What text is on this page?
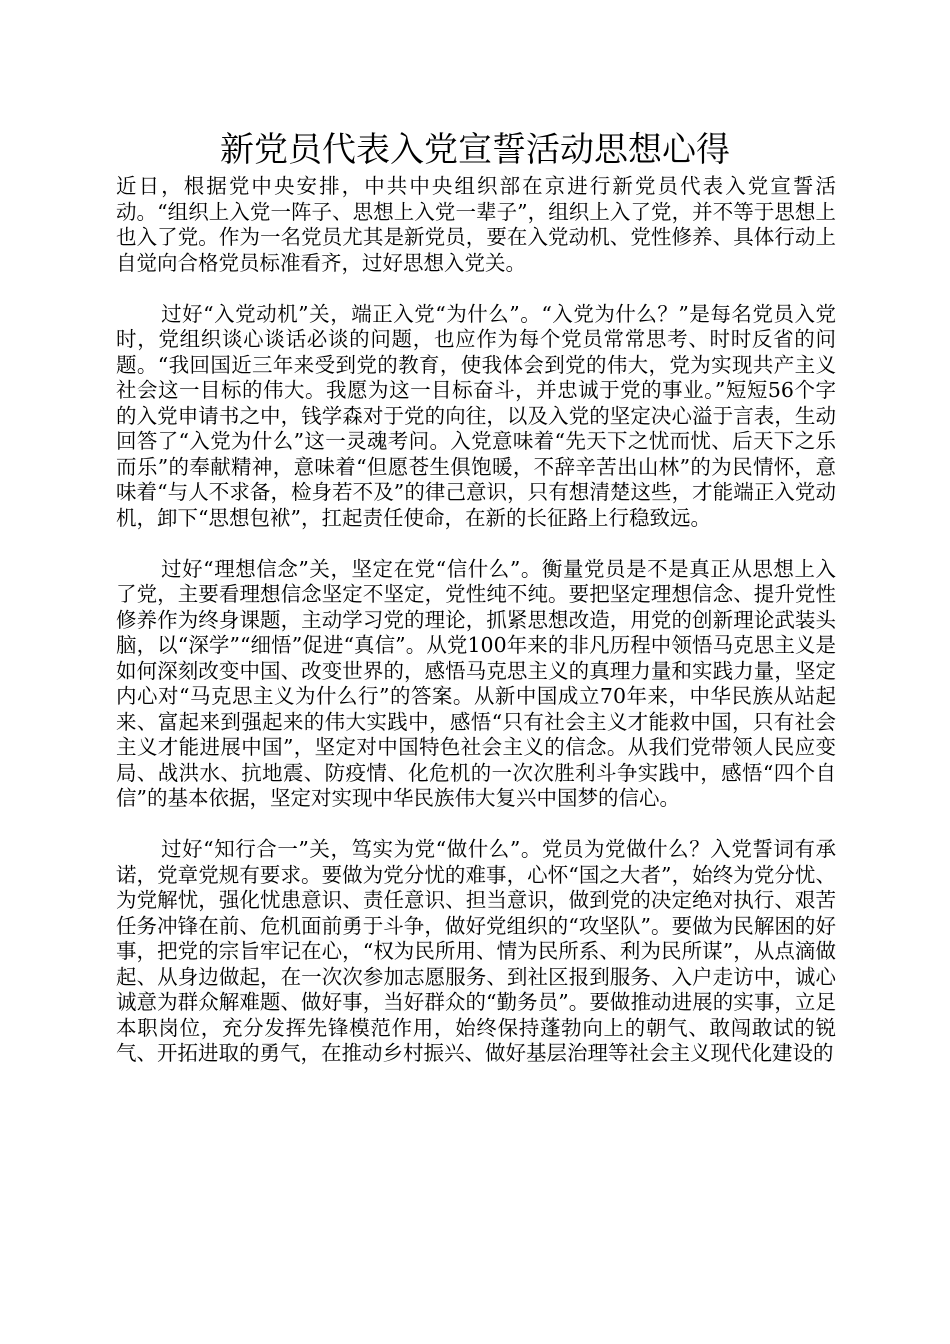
新党员代表入党宣誓活动思想心得

近日，根据党中央安排，中共中央组织部在京进行新党员代表入党宣誓活动。“组织上入党一阵子、思想上入党一辈子”，组织上入了党，并不等于思想上也入了党。作为一名党员尤其是新党员，要在入党动机、党性修养、具体行动上自觉向合格党员标准看齐，过好思想入党关。

过好“入党动机”关，端正入党“为什么”。“入党为什么？”是每名党员入党时，党组织谈心谈话必谈的问题，也应作为每个党员常常思考、时时反省的问题。“我回国近三年来受到党的教育，使我体会到党的伟大，党为实现共产主义社会这一目标的伟大。我愿为这一目标奋斗，并忠诚于党的事业。”短短56个字的入党申请书之中，钱学森对于党的向往，以及入党的坚定决心溢于言表，生动回答了“入党为什么”这一灵魂考问。入党意味着“先天下之忧而忧、后天下之乐而乐”的奉献精神，意味着“但愿苍生俱饱暖，不辞辛苦出山林”的为民情怀，意味着“与人不求备，检身若不及”的律己意识，只有想清楚这些，才能端正入党动机，卸下“思想包袱”，扛起责任使命，在新的长征路上行稳致远。

过好“理想信念”关，坚定在党“信什么”。衡量党员是不是真正从思想上入了党，主要看理想信念坚定不坚定，党性纯不纯。要把坚定理想信念、提升党性修养作为终身课题，主动学习党的理论，抓紧思想改造，用党的创新理论武装头脑，以“深学”“细悟”促进“真信”。从党100年来的非凡历程中领悟马克思主义是如何深刻改变中国、改变世界的，感悟马克思主义的真理力量和实践力量，坚定内心对“马克思主义为什么行”的答案。从新中国成立70年来，中华民族从站起来、富起来到强起来的伟大实践中，感悟“只有社会主义才能救中国，只有社会主义才能进展中国”，坚定对中国特色社会主义的信念。从我们党带领人民应变局、战洪水、抗地震、防疫情、化危机的一次次胜利斗争实践中，感悟“四个自信”的基本依据，坚定对实现中华民族伟大复兴中国梦的信心。

过好“知行合一”关，笃实为党“做什么”。党员为党做什么？入党誓词有承诺，党章党规有要求。要做为党分忧的难事，心怀“国之大者”，始终为党分忧、为党解忧，强化忧患意识、责任意识、担当意识，做到党的决定绝对执行、艰苦任务冲锋在前、危机面前勇于斗争，做好党组织的“攻坚队”。要做为民解困的好事，把党的宗旨牢记在心，“权为民所用、情为民所系、利为民所谋”，从点滴做起、从身边做起，在一次次参加志愿服务、到社区报到服务、入户走访中，诚心诚意为群众解难题、做好事，当好群众的“勤务员”。要做推动进展的实事，立足本职岗位，充分发挥先锋模范作用，始终保持蓬勃向上的朝气、敢闯敢试的锐气、开拓进取的勇气，在推动乡村振兴、做好基层治理等社会主义现代化建设的
